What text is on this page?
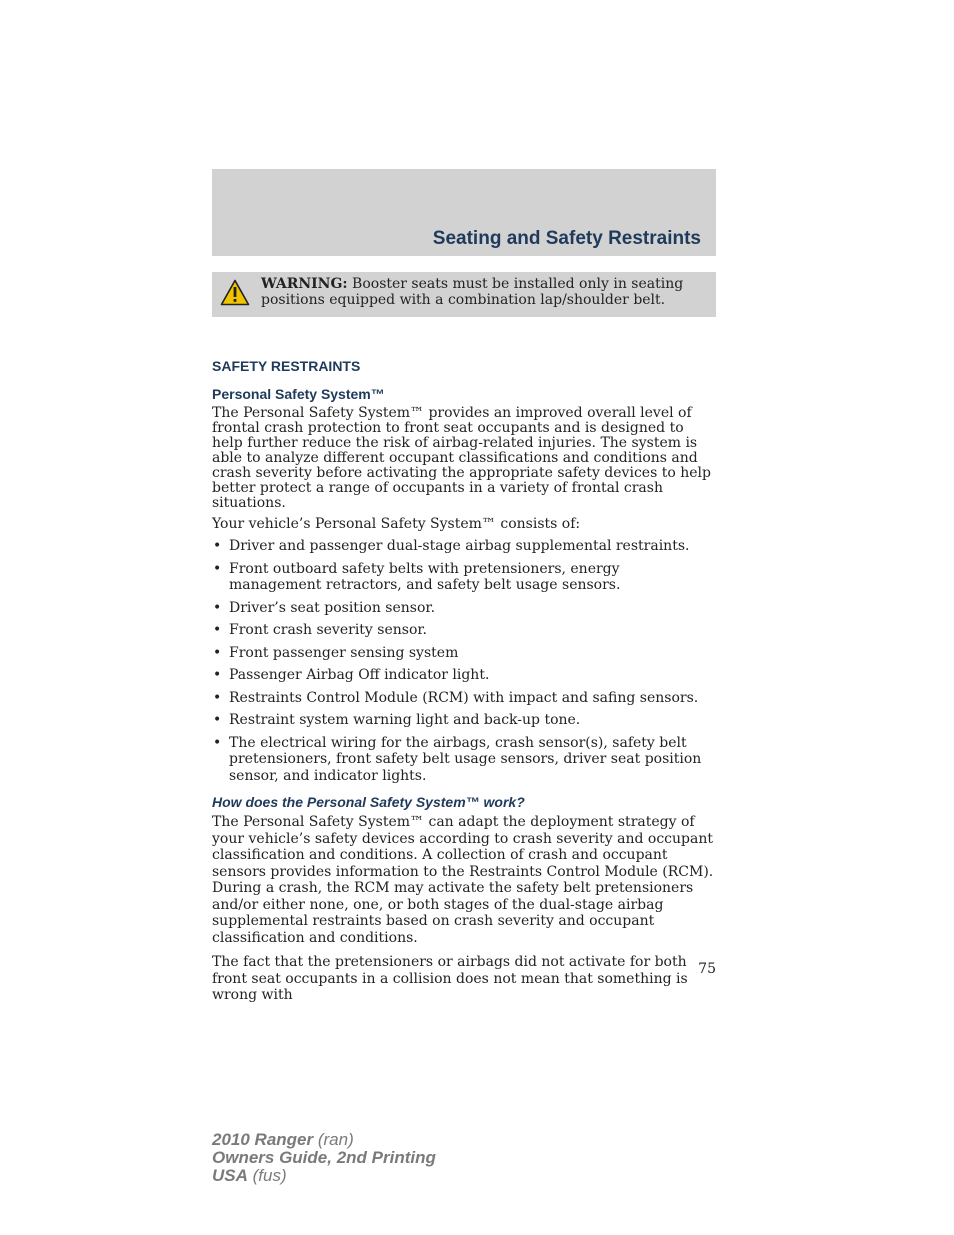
Seating and Safety Restraints
WARNING: Booster seats must be installed only in seating positions equipped with a combination lap/shoulder belt.
SAFETY RESTRAINTS
Personal Safety System™

The Personal Safety System™ provides an improved overall level of frontal crash protection to front seat occupants and is designed to help further reduce the risk of airbag-related injuries. The system is able to analyze different occupant classifications and conditions and crash severity before activating the appropriate safety devices to help better protect a range of occupants in a variety of frontal crash situations.

Your vehicle’s Personal Safety System™ consists of:

• Driver and passenger dual-stage airbag supplemental restraints.
• Front outboard safety belts with pretensioners, energy management retractors, and safety belt usage sensors.
• Driver’s seat position sensor.
• Front crash severity sensor.
• Front passenger sensing system
• Passenger Airbag Off indicator light.
• Restraints Control Module (RCM) with impact and safing sensors.
• Restraint system warning light and back-up tone.
• The electrical wiring for the airbags, crash sensor(s), safety belt pretensioners, front safety belt usage sensors, driver seat position sensor, and indicator lights.
How does the Personal Safety System™ work?

The Personal Safety System™ can adapt the deployment strategy of your vehicle’s safety devices according to crash severity and occupant classification and conditions. A collection of crash and occupant sensors provides information to the Restraints Control Module (RCM). During a crash, the RCM may activate the safety belt pretensioners and/or either none, one, or both stages of the dual-stage airbag supplemental restraints based on crash severity and occupant classification and conditions.

The fact that the pretensioners or airbags did not activate for both front seat occupants in a collision does not mean that something is wrong with

75
2010 Ranger (ran)
Owners Guide, 2nd Printing
USA (fus)
